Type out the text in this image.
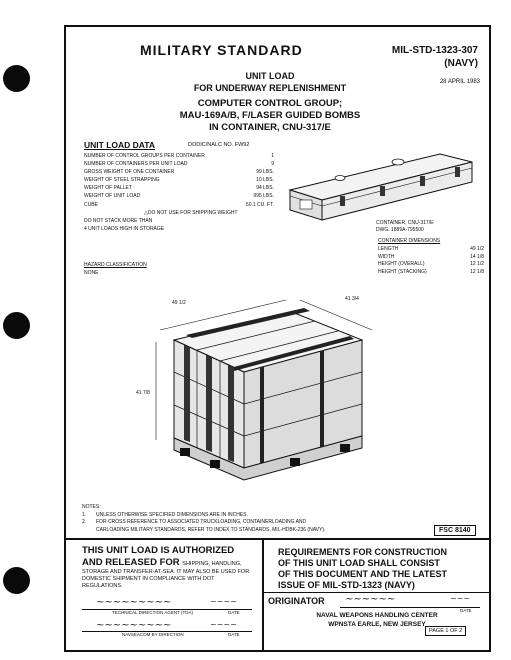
MILITARY STANDARD	MIL-STD-1323-307
(NAVY)
28 APRIL 1983
UNIT LOAD
FOR UNDERWAY REPLENISHMENT
COMPUTER CONTROL GROUP;
MAU-169A/B, F/LASER GUIDED BOMBS
IN CONTAINER, CNU-317/E
UNIT LOAD DATA	DODIC/NALC NO. FW92
NUMBER OF CONTROL GROUPS PER CONTAINER	1
NUMBER OF CONTAINERS PER UNIT LOAD	9
GROSS WEIGHT OF ONE CONTAINER	99 LBS.
WEIGHT OF STEEL STRAPPING	10 LBS.
WEIGHT OF PALLET	94 LBS.
WEIGHT OF UNIT LOAD	995 LBS.
CUBE	50.1 CU. FT.
△DO NOT USE FOR SHIPPING WEIGHT
DO NOT STACK MORE THAN
4 UNIT LOADS HIGH IN STORAGE
HAZARD CLASSIFICATION
NONE
CONTAINER, CNU-317/E
DWG. 1889A-795500
CONTAINER DIMENSIONS
LENGTH	49 1/2
WIDTH	14 1/8
HEIGHT (OVERALL)	12 1/2
HEIGHT (STACKING)	12 1/8
49 1/2
41 3/4
41 7/8
NOTES:
1. UNLESS OTHERWISE SPECIFIED DIMENSIONS ARE IN INCHES.
2. FOR CROSS REFERENCE TO ASSOCIATED TRUCKLOADING, CONTAINERLOADING AND
CARLOADING MILITARY STANDARDS, REFER TO INDEX TO STANDARDS, MIL-HDBK-236 (NAVY).	FSC 8140
THIS UNIT LOAD IS AUTHORIZED
AND RELEASED FOR SHIPPING, HANDLING,
STORAGE AND TRANSFER-AT-SEA. IT MAY ALSO BE USED FOR
DOMESTIC SHIPMENT IN COMPLIANCE WITH DOT REGULATIONS.
~~~~~~~~~	~~~~
TECHNICAL DIRECTION AGENT (TDA)	DATE
~~~~~~~~~	~~~~
NAVSEACOM BY DIRECTION	DATE
REQUIREMENTS FOR CONSTRUCTION
OF THIS UNIT LOAD SHALL CONSIST
OF THIS DOCUMENT AND THE LATEST
ISSUE OF MIL-STD-1323 (NAVY)
ORIGINATOR ~~~~~~	~~~
DATE
NAVAL WEAPONS HANDLING CENTER
WPNSTA EARLE, NEW JERSEY
PAGE 1 OF 2
